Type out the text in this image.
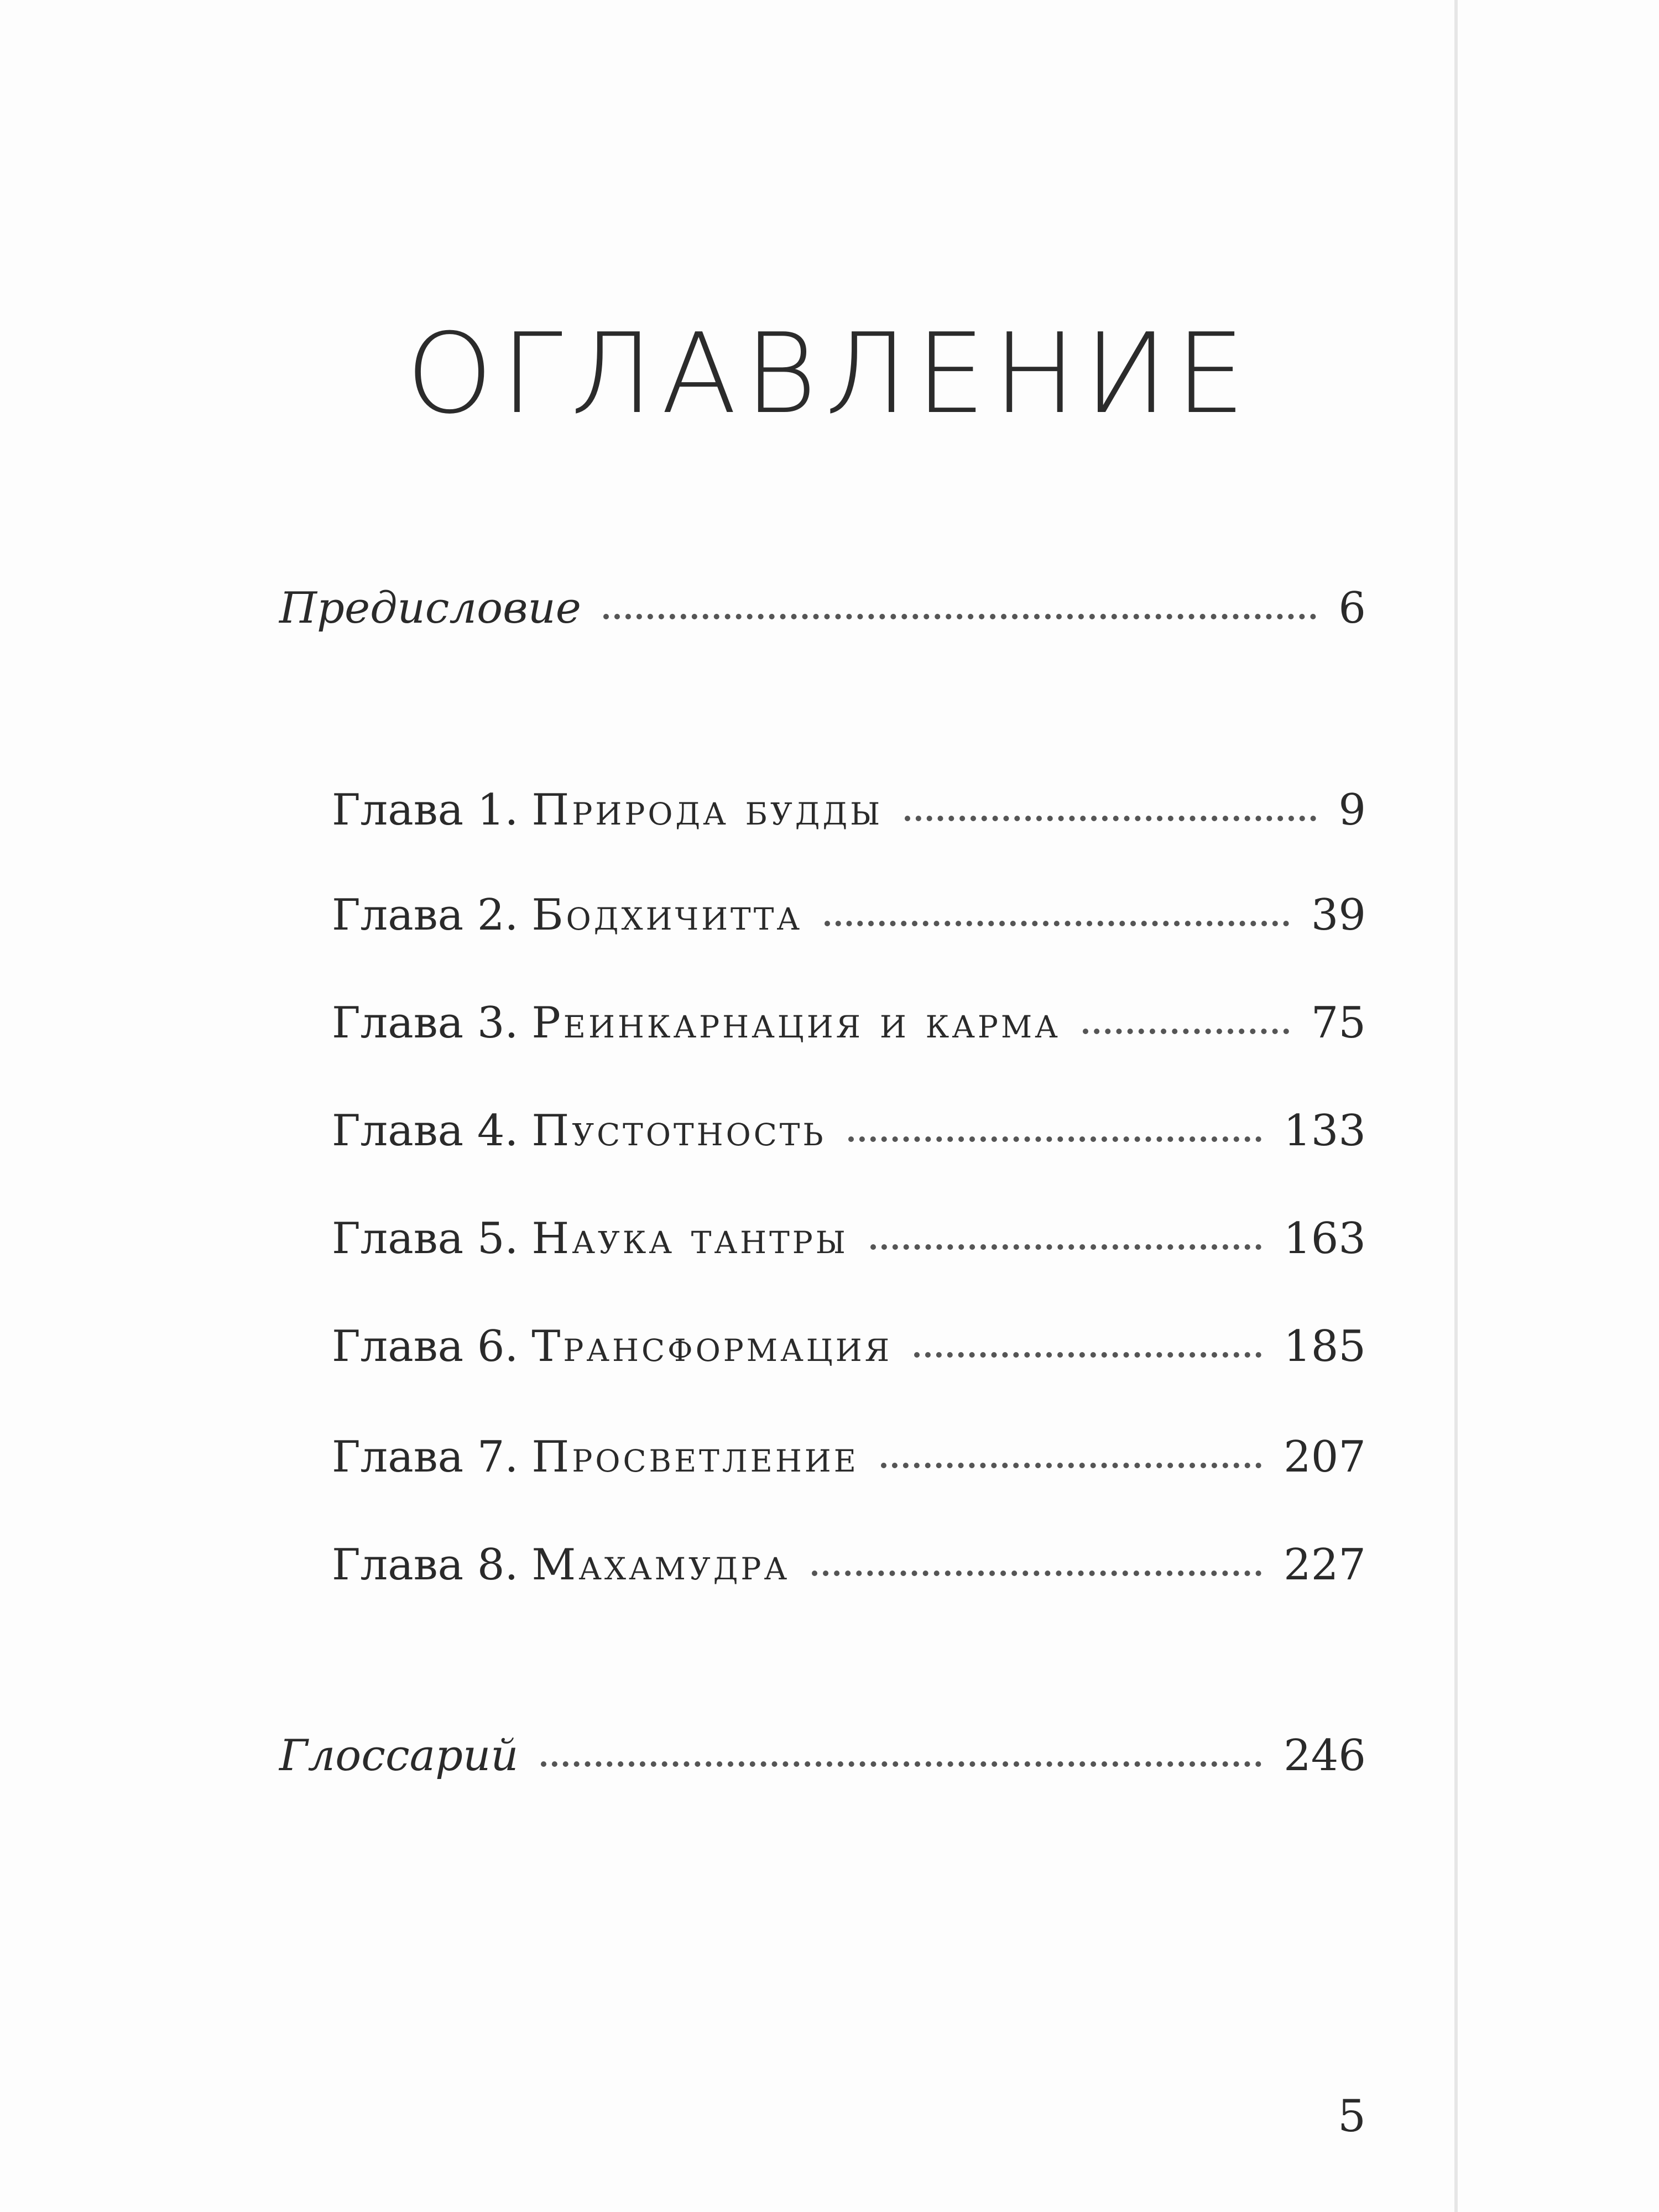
ОГЛАВЛЕНИЕ
Предисловие	6
Глава 1. Природа будды	9
Глава 2. Бодхичитта	39
Глава 3. Реинкарнация и карма	75
Глава 4. Пустотность	133
Глава 5. Наука тантры	163
Глава 6. Трансформация	185
Глава 7. Просветление	207
Глава 8. Махамудра	227
Глоссарий	246
5
